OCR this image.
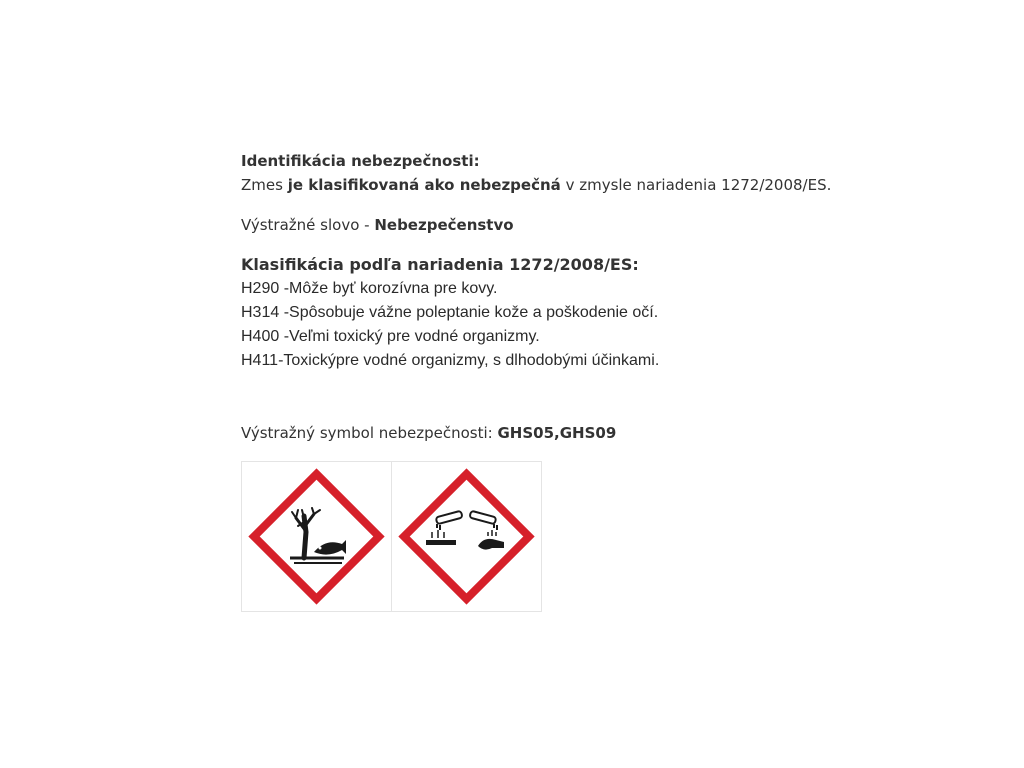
Identifikácia nebezpečnosti:
Zmes je klasifikovaná ako nebezpečná v zmysle nariadenia 1272/2008/ES.
Výstražné slovo - Nebezpečenstvo
Klasifikácia podľa nariadenia 1272/2008/ES:
H290 -Môže byť korozívna pre kovy.
H314 -Spôsobuje vážne poleptanie kože a poškodenie očí.
H400 -Veľmi toxický pre vodné organizmy.
H411-Toxickýpre vodné organizmy, s dlhodobými účinkami.
Výstražný symbol nebezpečnosti: GHS05,GHS09
